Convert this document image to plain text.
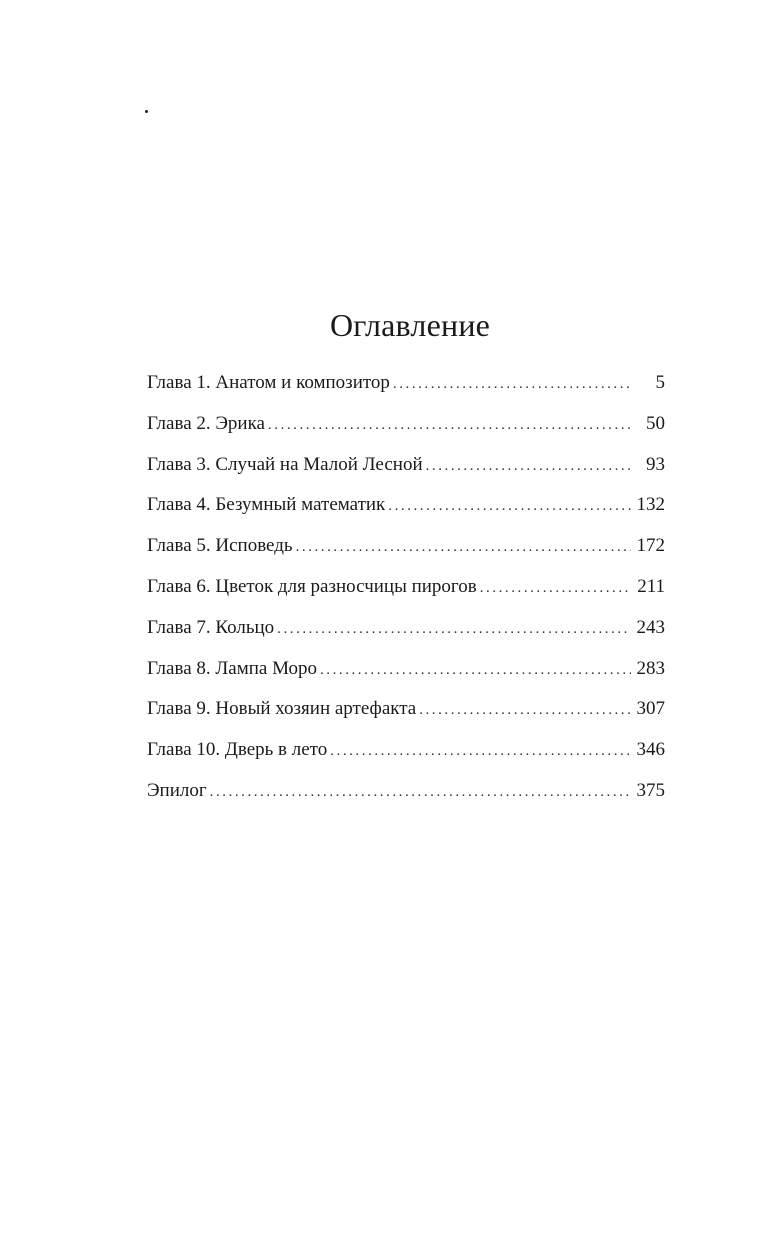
Оглавление
Глава 1. Анатом и композитор . . .	5
Глава 2. Эрика . . .	50
Глава 3. Случай на Малой Лесной . . .	93
Глава 4. Безумный математик . . .	132
Глава 5. Исповедь . . .	172
Глава 6. Цветок для разносчицы пирогов . . .	211
Глава 7. Кольцо . . .	243
Глава 8. Лампа Моро . . .	283
Глава 9. Новый хозяин артефакта . . .	307
Глава 10. Дверь в лето . . .	346
Эпилог . . .	375
